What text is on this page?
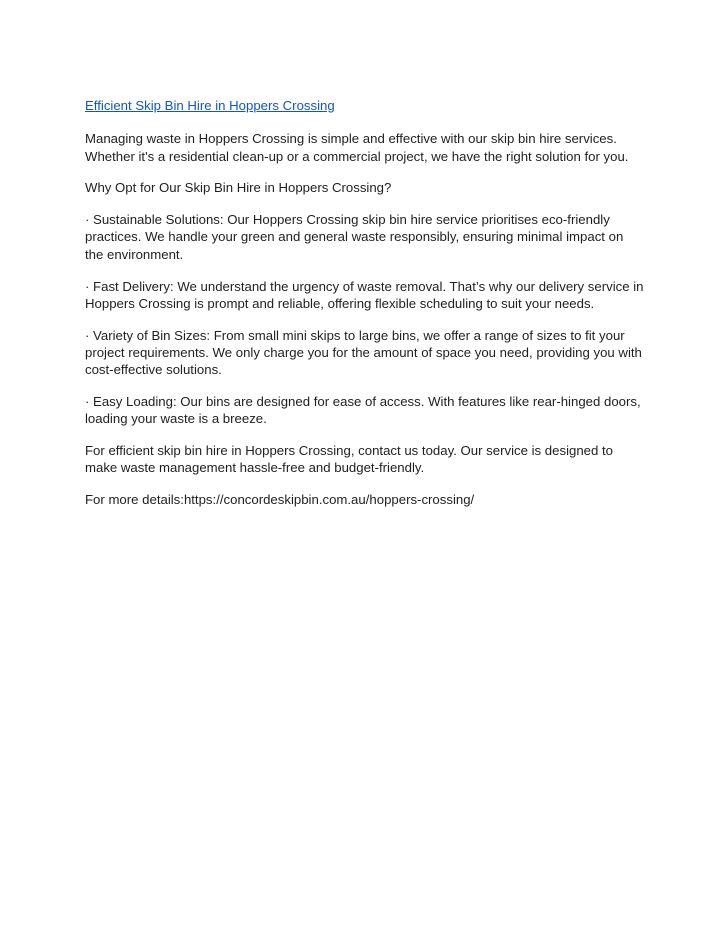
Efficient Skip Bin Hire in Hoppers Crossing

Managing waste in Hoppers Crossing is simple and effective with our skip bin hire services. Whether it's a residential clean-up or a commercial project, we have the right solution for you.

Why Opt for Our Skip Bin Hire in Hoppers Crossing?

· Sustainable Solutions: Our Hoppers Crossing skip bin hire service prioritises eco-friendly practices. We handle your green and general waste responsibly, ensuring minimal impact on the environment.

· Fast Delivery: We understand the urgency of waste removal. That’s why our delivery service in Hoppers Crossing is prompt and reliable, offering flexible scheduling to suit your needs.

· Variety of Bin Sizes: From small mini skips to large bins, we offer a range of sizes to fit your project requirements. We only charge you for the amount of space you need, providing you with cost-effective solutions.

· Easy Loading: Our bins are designed for ease of access. With features like rear-hinged doors, loading your waste is a breeze.

For efficient skip bin hire in Hoppers Crossing, contact us today. Our service is designed to make waste management hassle-free and budget-friendly.

For more details:https://concordeskipbin.com.au/hoppers-crossing/
